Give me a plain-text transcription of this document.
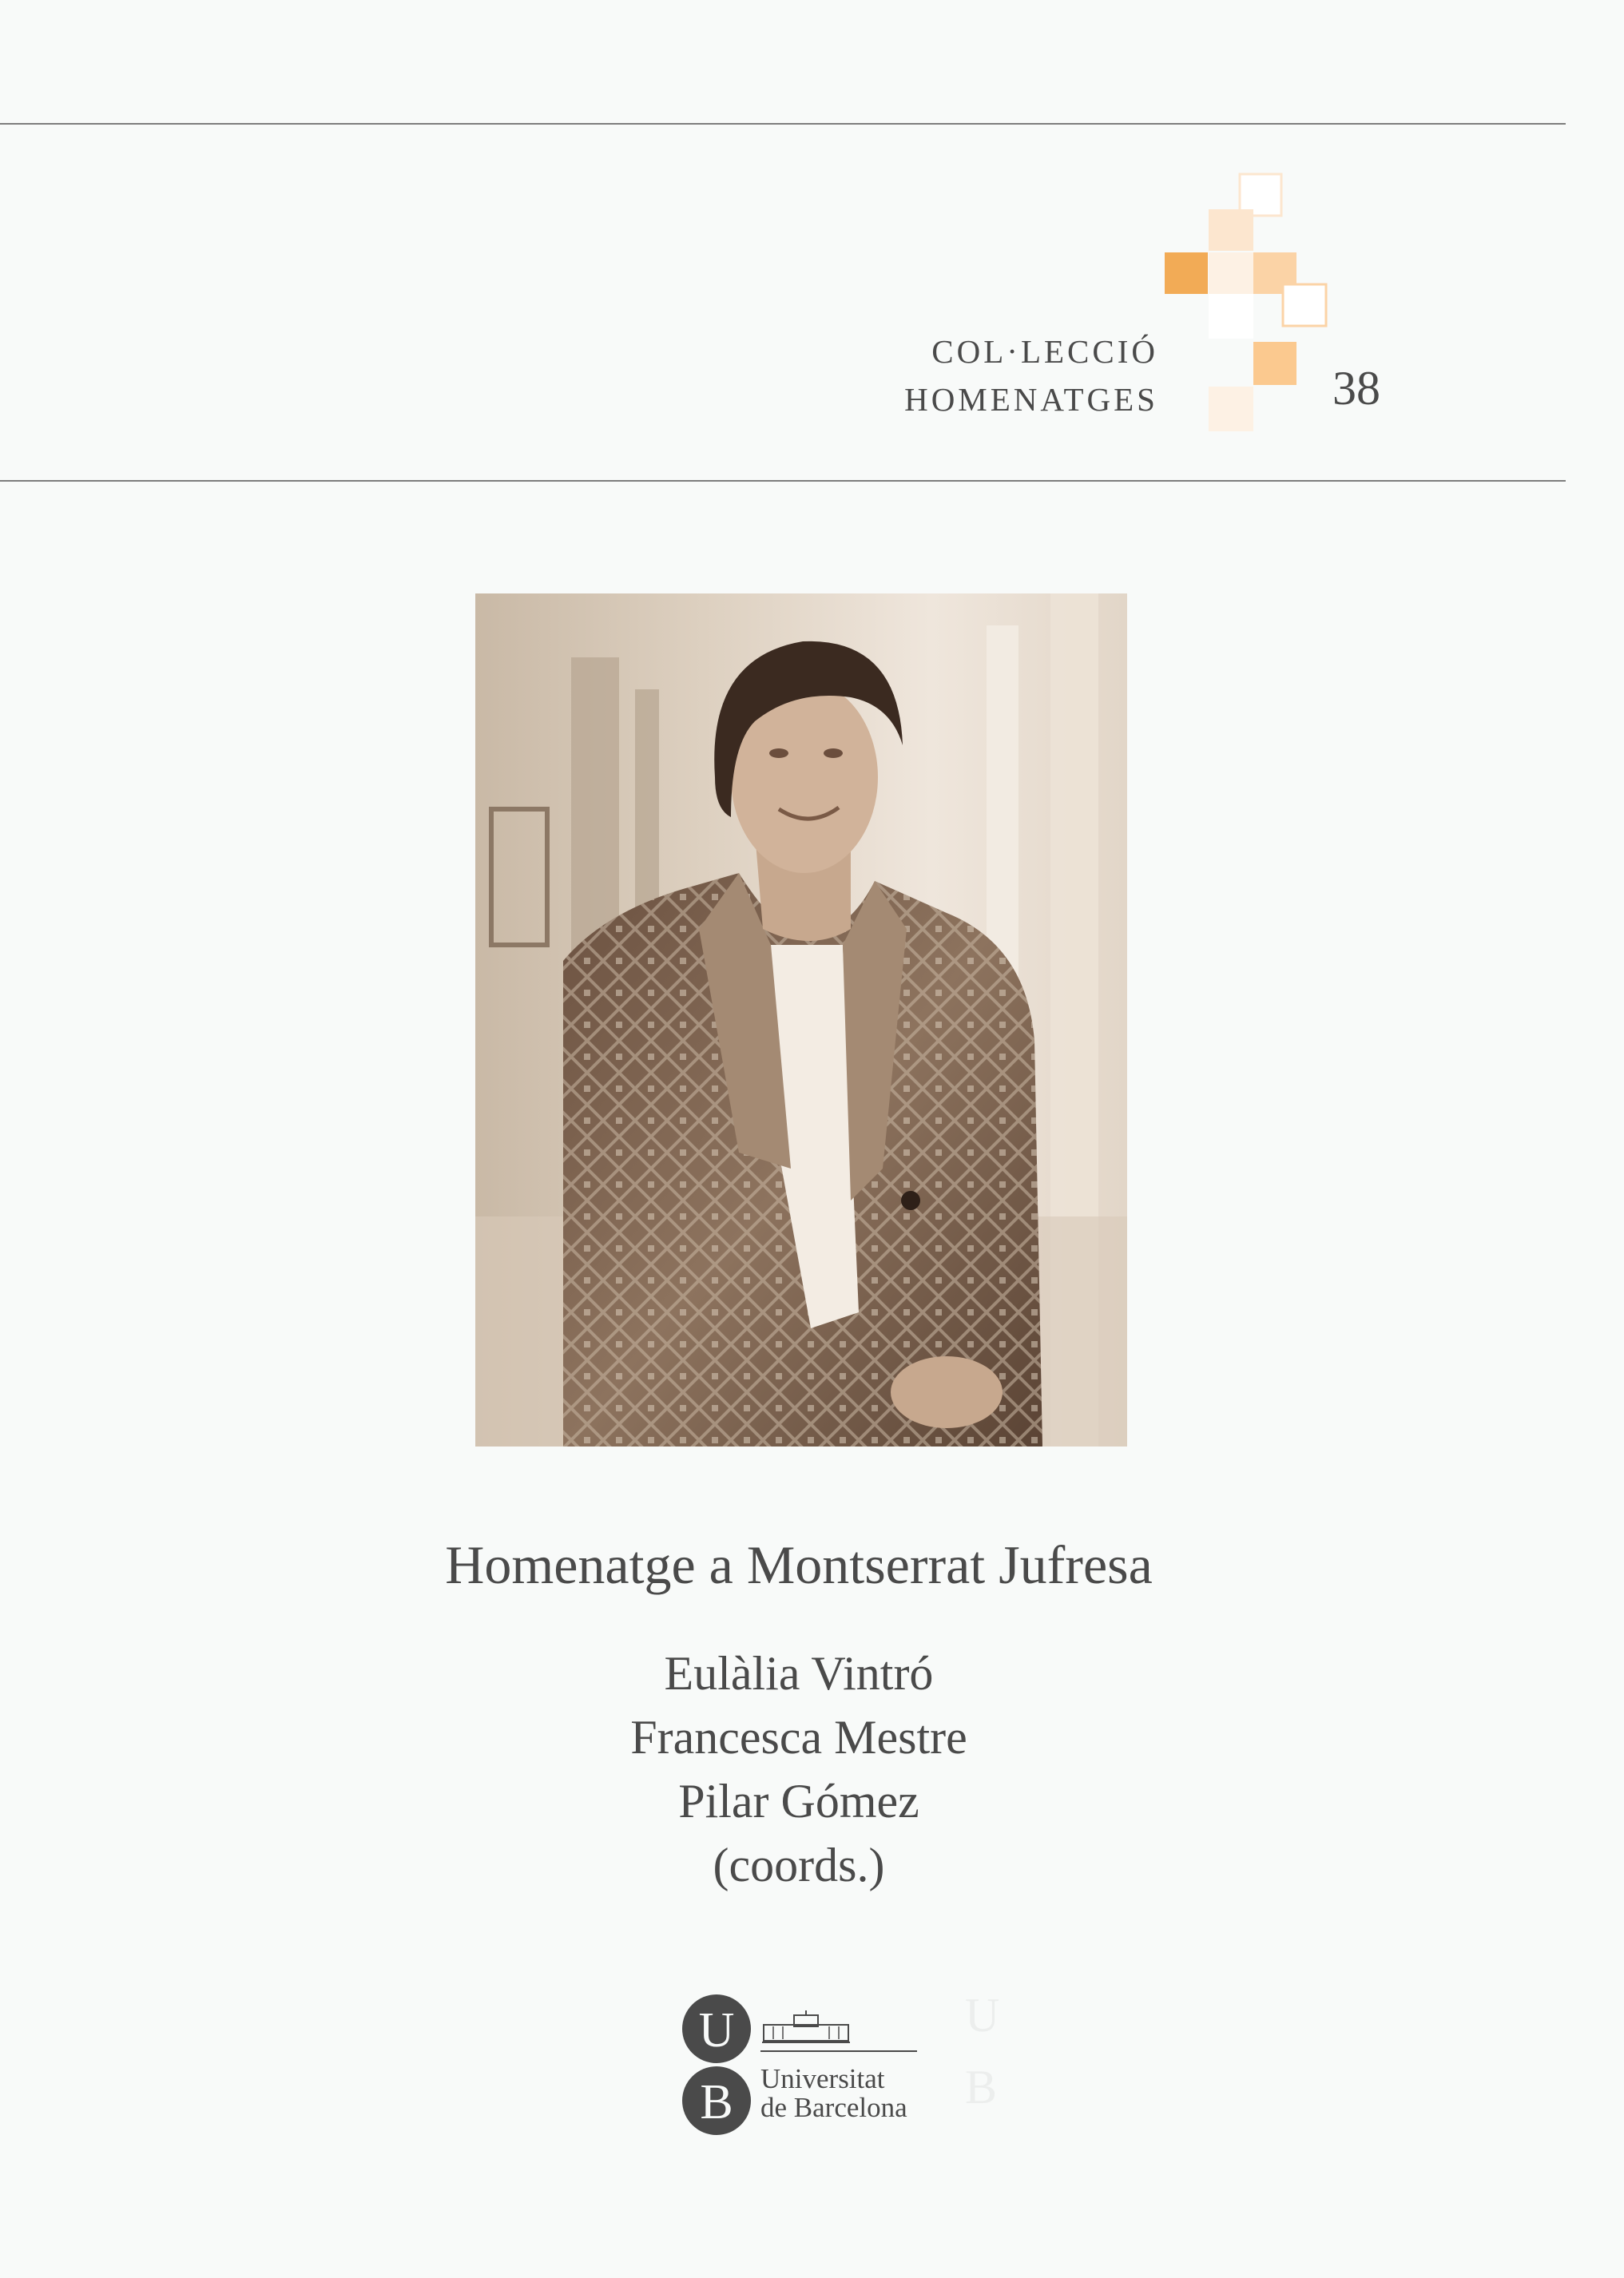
COL·LECCIÓ
HOMENATGES	38
Homenatge a Montserrat Jufresa
Eulàlia Vintró
Francesca Mestre
Pilar Gómez
(coords.)
U
B Universitat
de Barcelona
U
B
